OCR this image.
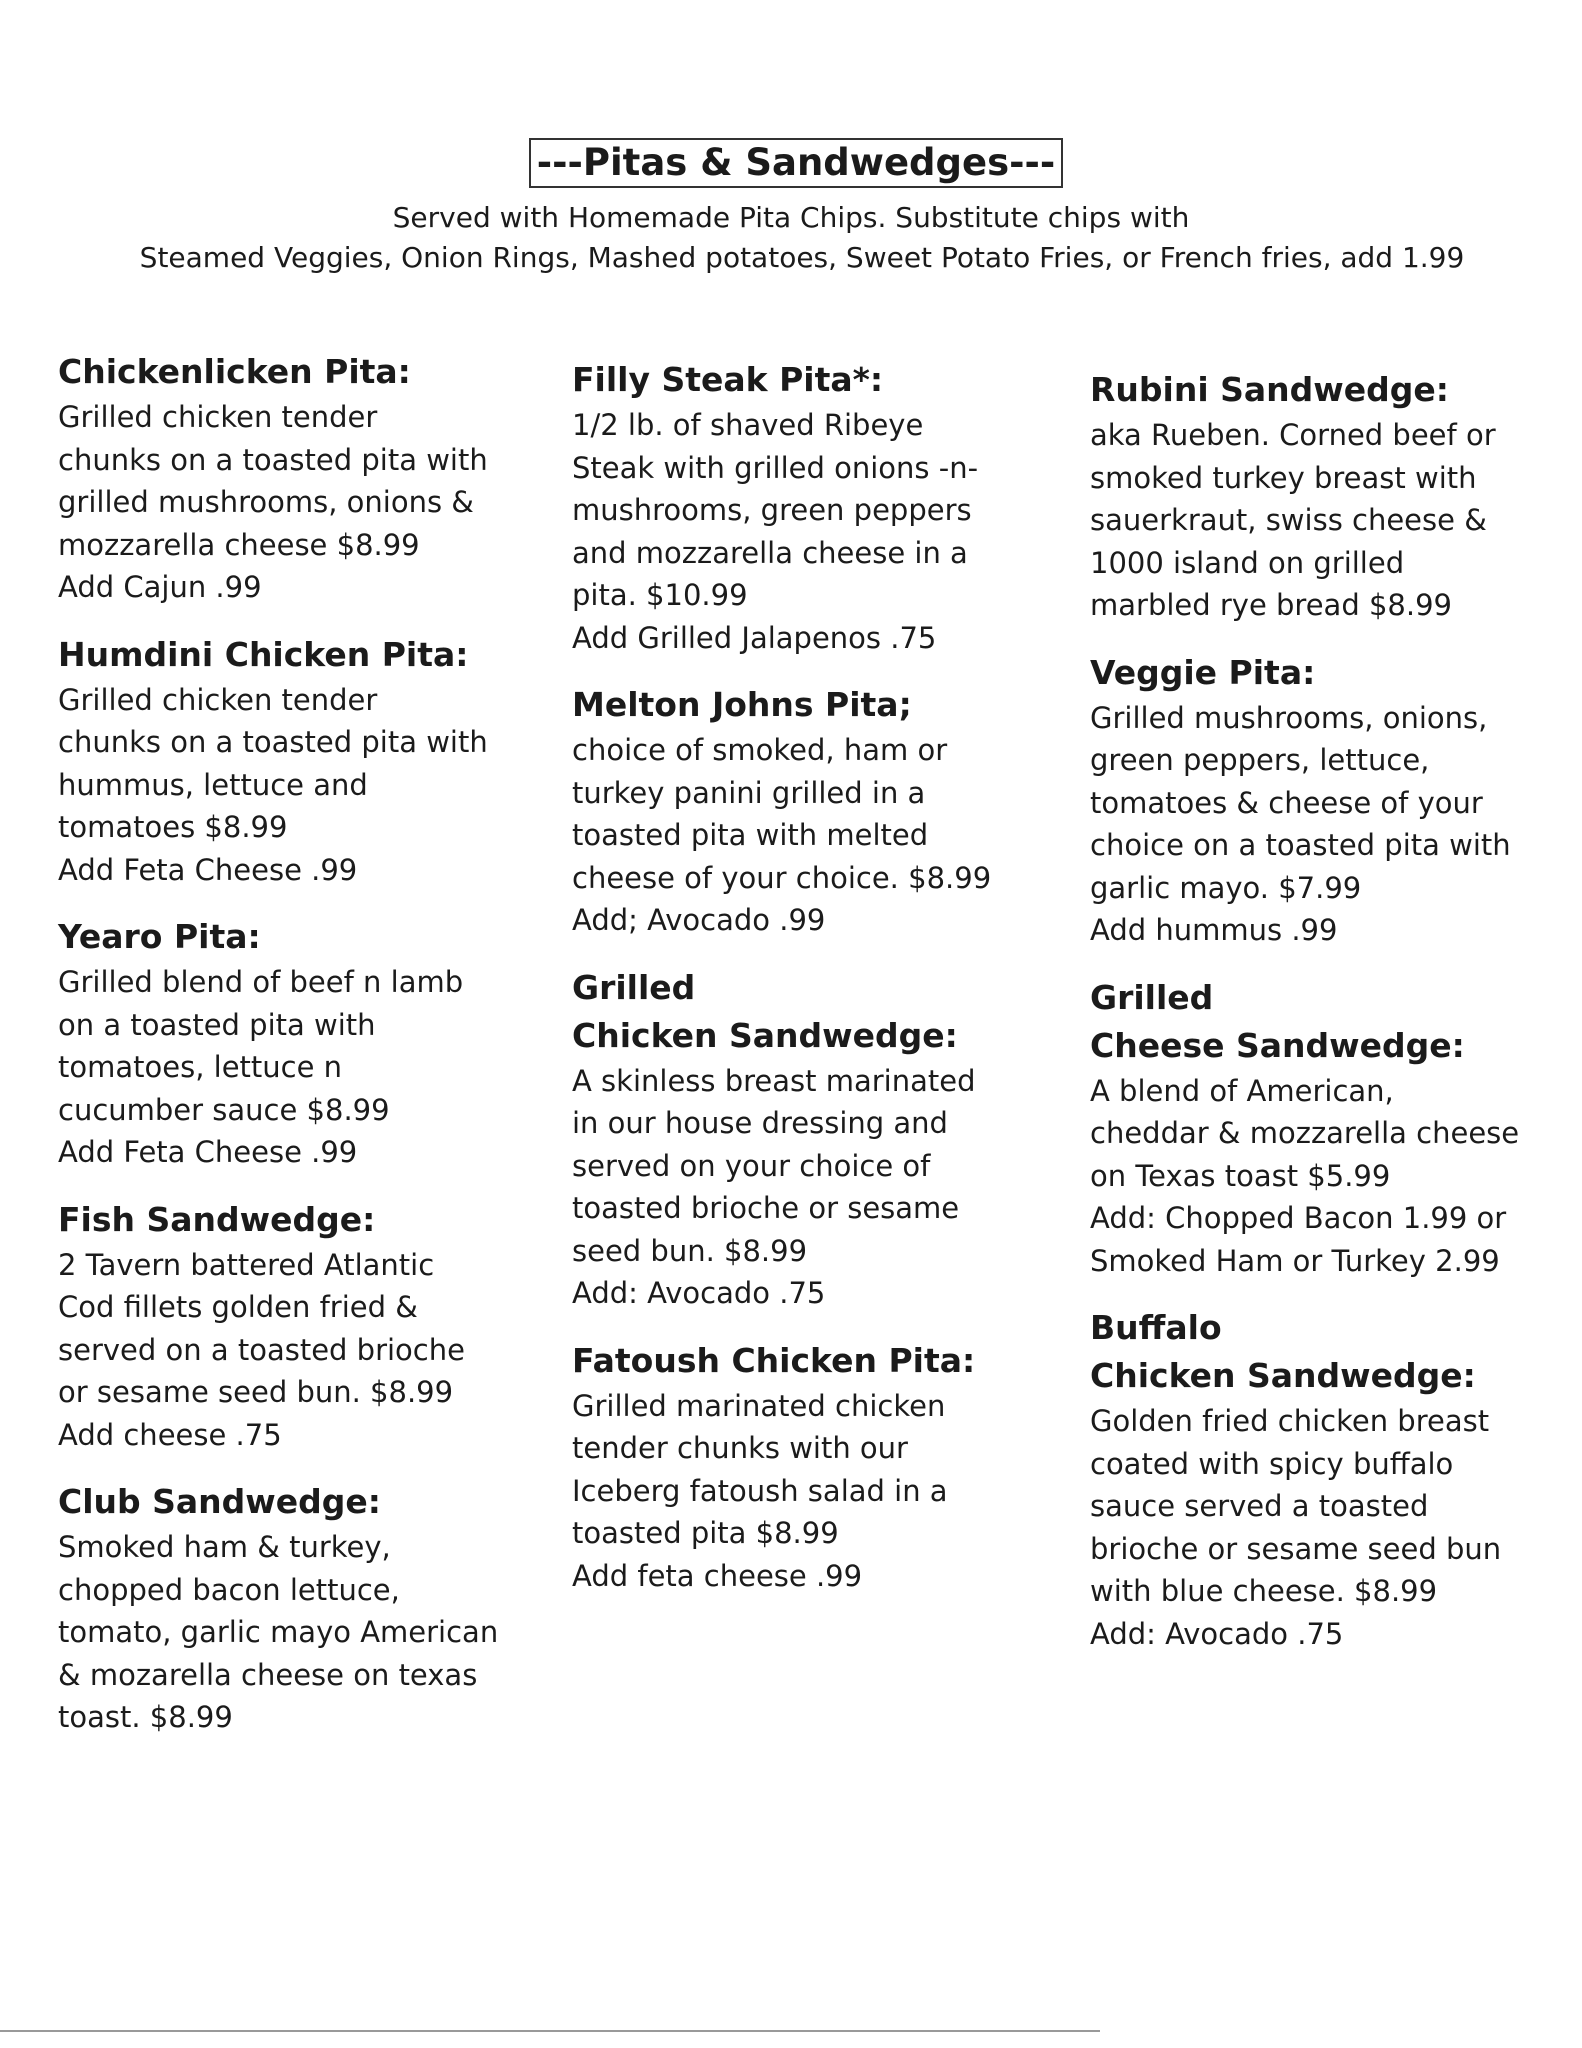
---Pitas & Sandwedges---
Served with Homemade Pita Chips. Substitute chips with
Steamed Veggies, Onion Rings, Mashed potatoes, Sweet Potato Fries, or French fries, add 1.99
Chickenlicken Pita:
Grilled chicken tender
chunks on a toasted pita with
grilled mushrooms, onions &
mozzarella cheese $8.99
Add Cajun .99
Humdini Chicken Pita:
Grilled chicken tender
chunks on a toasted pita with
hummus, lettuce and
tomatoes $8.99
Add Feta Cheese .99
Yearo Pita:
Grilled blend of beef n lamb
on a toasted pita with
tomatoes, lettuce n
cucumber sauce $8.99
Add Feta Cheese .99
Fish Sandwedge:
2 Tavern battered Atlantic
Cod fillets golden fried &
served on a toasted brioche
or sesame seed bun. $8.99
Add cheese .75
Club Sandwedge:
Smoked ham & turkey,
chopped bacon lettuce,
tomato, garlic mayo American
& mozarella cheese on texas
toast. $8.99
Filly Steak Pita*:
1/2 lb. of shaved Ribeye
Steak with grilled onions -n-
mushrooms, green peppers
and mozzarella cheese in a
pita. $10.99
Add Grilled Jalapenos .75
Melton Johns Pita;
choice of smoked, ham or
turkey panini grilled in a
toasted pita with melted
cheese of your choice. $8.99
Add; Avocado .99
Grilled
Chicken Sandwedge:
A skinless breast marinated
in our house dressing and
served on your choice of
toasted brioche or sesame
seed bun. $8.99
Add: Avocado .75
Fatoush Chicken Pita:
Grilled marinated chicken
tender chunks with our
Iceberg fatoush salad in a
toasted pita $8.99
Add feta cheese .99
Rubini Sandwedge:
aka Rueben. Corned beef or
smoked turkey breast with
sauerkraut, swiss cheese &
1000 island on grilled
marbled rye bread $8.99
Veggie Pita:
Grilled mushrooms, onions,
green peppers, lettuce,
tomatoes & cheese of your
choice on a toasted pita with
garlic mayo. $7.99
Add hummus .99
Grilled
Cheese Sandwedge:
A blend of American,
cheddar & mozzarella cheese
on Texas toast $5.99
Add: Chopped Bacon 1.99 or
Smoked Ham or Turkey 2.99
Buffalo
Chicken Sandwedge:
Golden fried chicken breast
coated with spicy buffalo
sauce served a toasted
brioche or sesame seed bun
with blue cheese. $8.99
Add: Avocado .75
